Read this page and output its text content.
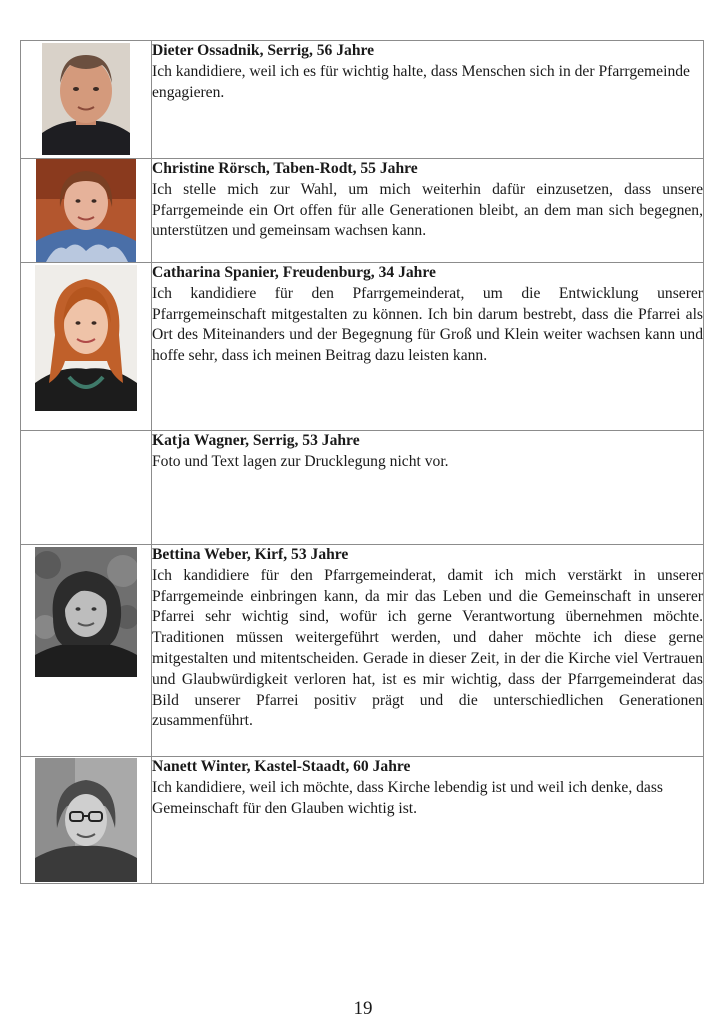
Dieter Ossadnik, Serrig, 56 Jahre
Ich kandidiere, weil ich es für wichtig halte, dass Menschen sich in der Pfarrgemeinde engagieren.

Christine Rörsch, Taben-Rodt, 55 Jahre
Ich stelle mich zur Wahl, um mich weiterhin dafür einzusetzen, dass unsere Pfarrgemeinde ein Ort offen für alle Generationen bleibt, an dem man sich begegnen, unterstützen und gemeinsam wachsen kann.

Catharina Spanier, Freudenburg, 34 Jahre
Ich kandidiere für den Pfarrgemeinderat, um die Entwicklung unserer Pfarrgemeinschaft mitgestalten zu können. Ich bin darum bestrebt, dass die Pfarrei als Ort des Miteinanders und der Begegnung für Groß und Klein weiter wachsen kann und hoffe sehr, dass ich meinen Beitrag dazu leisten kann.

	Katja Wagner, Serrig, 53 Jahre
Foto und Text lagen zur Drucklegung nicht vor.

Bettina Weber, Kirf, 53 Jahre
Ich kandidiere für den Pfarrgemeinderat, damit ich mich verstärkt in unserer Pfarrgemeinde einbringen kann, da mir das Leben und die Gemeinschaft in unserer Pfarrei sehr wichtig sind, wofür ich gerne Verantwortung übernehmen möchte. Traditionen müssen weitergeführt werden, und daher möchte ich diese gerne mitgestalten und mitentscheiden. Gerade in dieser Zeit, in der die Kirche viel Vertrauen und Glaubwürdigkeit verloren hat, ist es mir wichtig, dass der Pfarrgemeinderat das Bild unserer Pfarrei positiv prägt und die unterschiedlichen Generationen zusammenführt.

Nanett Winter, Kastel-Staadt, 60 Jahre
Ich kandidiere, weil ich möchte, dass Kirche lebendig ist und weil ich denke, dass Gemeinschaft für den Glauben wichtig ist.
19
